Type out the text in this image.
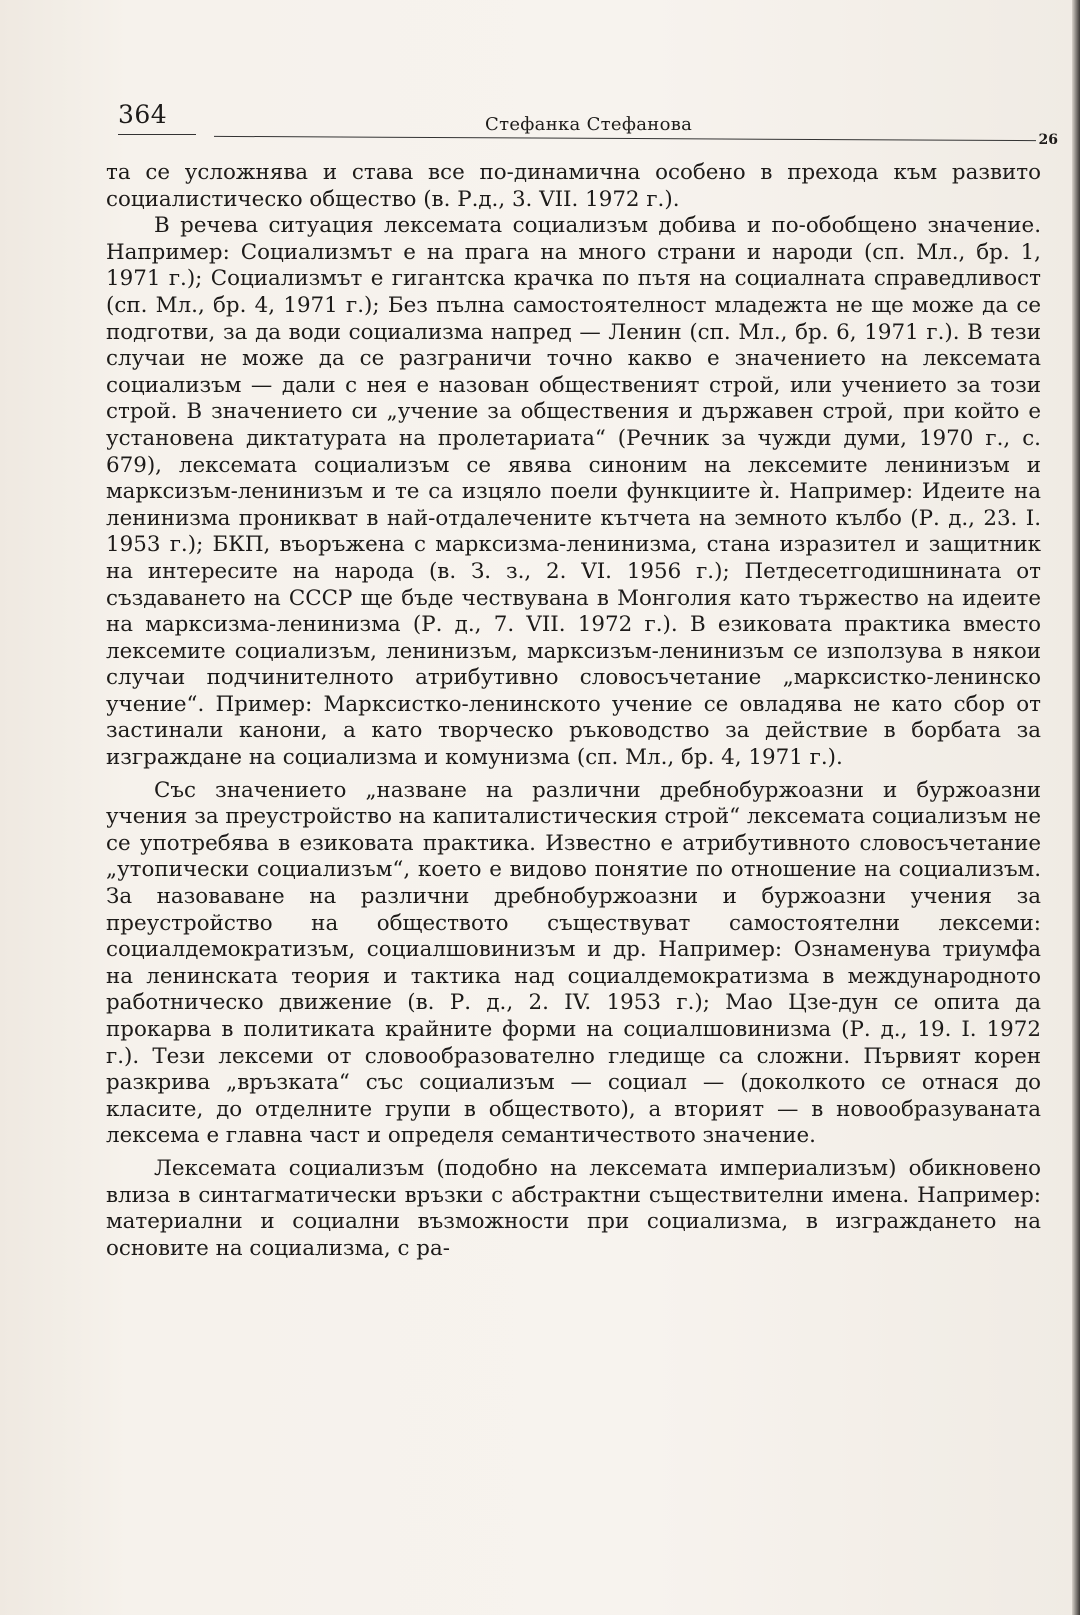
364	Стефанка Стефанова
26

та се усложнява и става все по-динамична особено в прехода към развито социалистическо общество (в. Р.д., 3. VII. 1972 г.).

В речева ситуация лексемата социализъм добива и по-обобщено значение. Например: Социализмът е на прага на много страни и народи (сп. Мл., бр. 1, 1971 г.); Социализмът е гигантска крачка по пътя на социалната справедливост (сп. Мл., бр. 4, 1971 г.); Без пълна самостоятелност младежта не ще може да се подготви, за да води социализма напред — Ленин (сп. Мл., бр. 6, 1971 г.). В тези случаи не може да се разграничи точно какво е значението на лексемата социализъм — дали с нея е назован общественият строй, или учението за този строй. В значението си „учение за обществения и държавен строй, при който е установена диктатурата на пролетариата“ (Речник за чужди думи, 1970 г., с. 679), лексемата социализъм се явява синоним на лексемите ленинизъм и марксизъм-ленинизъм и те са изцяло поели функциите ѝ. Например: Идеите на ленинизма проникват в най-отдалечените кътчета на земното кълбо (Р. д., 23. I. 1953 г.); БКП, въоръжена с марксизма-ленинизма, стана изразител и защитник на интересите на народа (в. З. з., 2. VI. 1956 г.); Петдесетгодишнината от създаването на СССР ще бъде чествувана в Монголия като тържество на идеите на марксизма-ленинизма (Р. д., 7. VII. 1972 г.). В езиковата практика вместо лексемите социализъм, ленинизъм, марксизъм-ленинизъм се използува в някои случаи подчинителното атрибутивно словосъчетание „марксистко-ленинско учение“. Пример: Марксистко-ленинското учение се овладява не като сбор от застинали канони, а като творческо ръководство за действие в борбата за изграждане на социализма и комунизма (сп. Мл., бр. 4, 1971 г.).

Със значението „назване на различни дребнобуржоазни и буржоазни учения за преустройство на капиталистическия строй“ лексемата социализъм не се употребява в езиковата практика. Известно е атрибутивното словосъчетание „утопически социализъм“, което е видово понятие по отношение на социализъм. За назоваване на различни дребнобуржоазни и буржоазни учения за преустройство на обществото съществуват самостоятелни лексеми: социалдемократизъм, социалшовинизъм и др. Например: Ознаменува триумфа на ленинската теория и тактика над социалдемократизма в международното работническо движение (в. Р. д., 2. IV. 1953 г.); Мао Цзе-дун се опита да прокарва в политиката крайните форми на социалшовинизма (Р. д., 19. I. 1972 г.). Тези лексеми от словообразователно гледище са сложни. Първият корен разкрива „връзката“ със социализъм — социал — (доколкото се отнася до класите, до отделните групи в обществото), а вторият — в новообразуваната лексема е главна част и определя семантичеството значение.

Лексемата социализъм (подобно на лексемата империализъм) обикновено влиза в синтагматически връзки с абстрактни съществителни имена. Например: материални и социални възможности при социализма, в изграждането на основите на социализма, с ра-
